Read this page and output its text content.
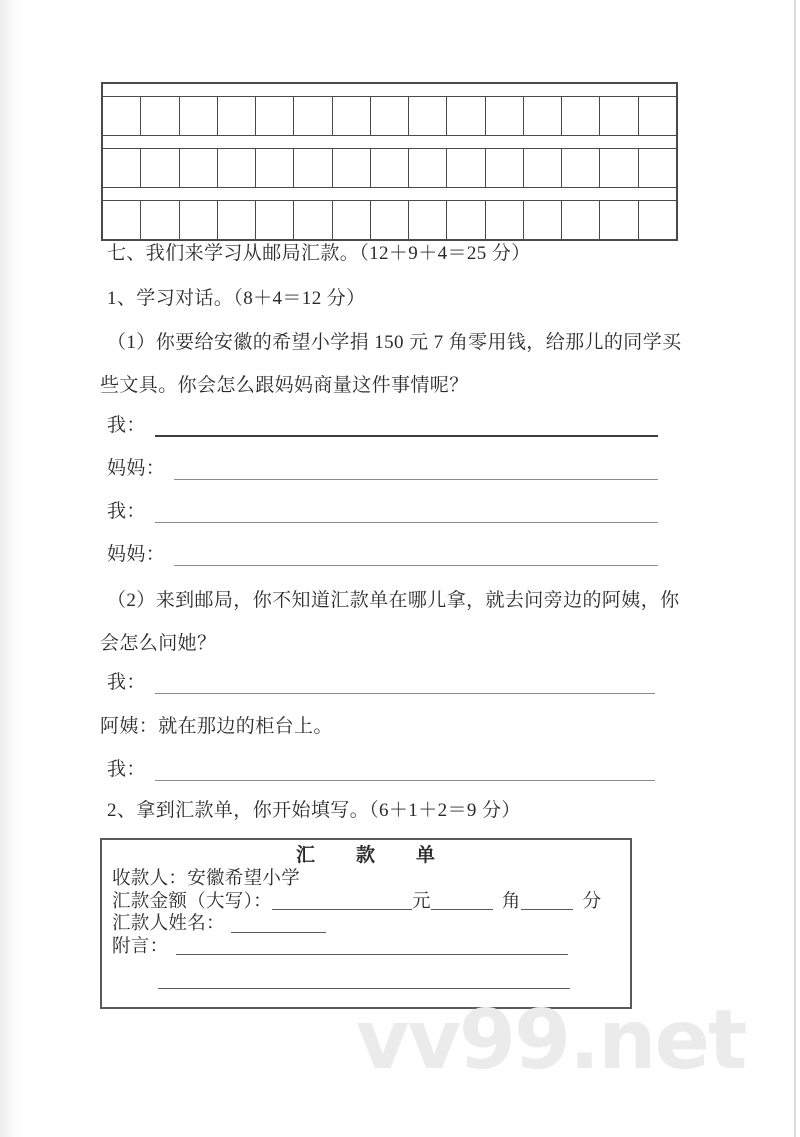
七、我们来学习从邮局汇款。（12＋9＋4＝25 分）
1、学习对话。（8＋4＝12 分）
（1）你要给安徽的希望小学捐 150 元 7 角零用钱，给那儿的同学买
些文具。你会怎么跟妈妈商量这件事情呢？
我：
妈妈：
我：
妈妈：
（2）来到邮局，你不知道汇款单在哪儿拿，就去问旁边的阿姨，你
会怎么问她？
我：
阿姨：就在那边的柜台上。
我：
2、拿到汇款单，你开始填写。（6＋1＋2＝9 分）
汇　　款　　单
收款人：安徽希望小学
汇款金额（大写）：	元	角	分
汇款人姓名：
附言：
vv99.net
